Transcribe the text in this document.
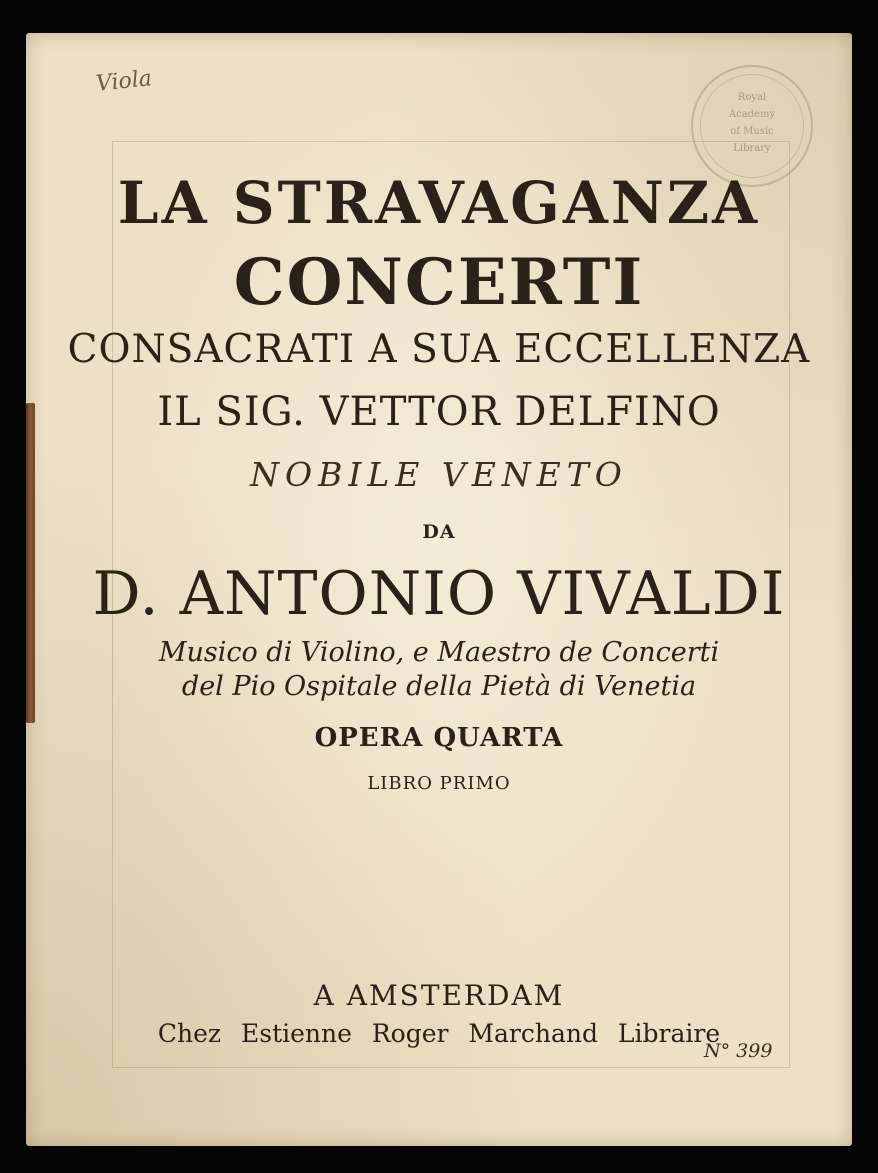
Viola
Royal
Academy
of Music
Library
LA STRAVAGANZA
CONCERTI

CONSACRATI A SUA ECCELLENZA

IL SIG. VETTOR DELFINO

NOBILE VENETO

DA

D. ANTONIO VIVALDI

Musico di Violino, e Maestro de Concerti

del Pio Ospitale della Pietà di Venetia

OPERA QUARTA

LIBRO PRIMO

A AMSTERDAM

Chez Estienne Roger Marchand Libraire

N° 399
